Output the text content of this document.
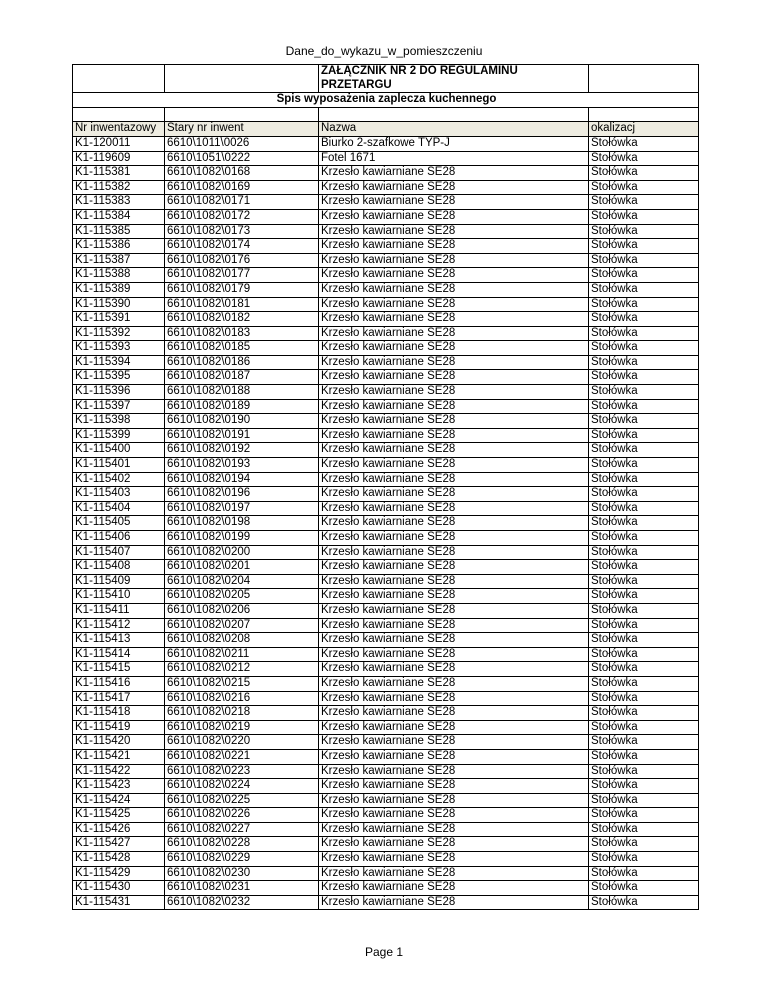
Dane_do_wykazu_w_pomieszczeniu
		ZAŁĄCZNIK NR 2 DO REGULAMINU PRZETARGU	
Spis wyposażenia zaplecza kuchennego			

Nr inwentazowy	Stary nr inwent	Nazwa	okalizacj
K1-120011	6610\1011\0026	Biurko 2-szafkowe TYP-J	Stołówka
K1-119609	6610\1051\0222	Fotel 1671	Stołówka
K1-115381	6610\1082\0168	Krzesło kawiarniane SE28	Stołówka
K1-115382	6610\1082\0169	Krzesło kawiarniane SE28	Stołówka
K1-115383	6610\1082\0171	Krzesło kawiarniane SE28	Stołówka
K1-115384	6610\1082\0172	Krzesło kawiarniane SE28	Stołówka
K1-115385	6610\1082\0173	Krzesło kawiarniane SE28	Stołówka
K1-115386	6610\1082\0174	Krzesło kawiarniane SE28	Stołówka
K1-115387	6610\1082\0176	Krzesło kawiarniane SE28	Stołówka
K1-115388	6610\1082\0177	Krzesło kawiarniane SE28	Stołówka
K1-115389	6610\1082\0179	Krzesło kawiarniane SE28	Stołówka
K1-115390	6610\1082\0181	Krzesło kawiarniane SE28	Stołówka
K1-115391	6610\1082\0182	Krzesło kawiarniane SE28	Stołówka
K1-115392	6610\1082\0183	Krzesło kawiarniane SE28	Stołówka
K1-115393	6610\1082\0185	Krzesło kawiarniane SE28	Stołówka
K1-115394	6610\1082\0186	Krzesło kawiarniane SE28	Stołówka
K1-115395	6610\1082\0187	Krzesło kawiarniane SE28	Stołówka
K1-115396	6610\1082\0188	Krzesło kawiarniane SE28	Stołówka
K1-115397	6610\1082\0189	Krzesło kawiarniane SE28	Stołówka
K1-115398	6610\1082\0190	Krzesło kawiarniane SE28	Stołówka
K1-115399	6610\1082\0191	Krzesło kawiarniane SE28	Stołówka
K1-115400	6610\1082\0192	Krzesło kawiarniane SE28	Stołówka
K1-115401	6610\1082\0193	Krzesło kawiarniane SE28	Stołówka
K1-115402	6610\1082\0194	Krzesło kawiarniane SE28	Stołówka
K1-115403	6610\1082\0196	Krzesło kawiarniane SE28	Stołówka
K1-115404	6610\1082\0197	Krzesło kawiarniane SE28	Stołówka
K1-115405	6610\1082\0198	Krzesło kawiarniane SE28	Stołówka
K1-115406	6610\1082\0199	Krzesło kawiarniane SE28	Stołówka
K1-115407	6610\1082\0200	Krzesło kawiarniane SE28	Stołówka
K1-115408	6610\1082\0201	Krzesło kawiarniane SE28	Stołówka
K1-115409	6610\1082\0204	Krzesło kawiarniane SE28	Stołówka
K1-115410	6610\1082\0205	Krzesło kawiarniane SE28	Stołówka
K1-115411	6610\1082\0206	Krzesło kawiarniane SE28	Stołówka
K1-115412	6610\1082\0207	Krzesło kawiarniane SE28	Stołówka
K1-115413	6610\1082\0208	Krzesło kawiarniane SE28	Stołówka
K1-115414	6610\1082\0211	Krzesło kawiarniane SE28	Stołówka
K1-115415	6610\1082\0212	Krzesło kawiarniane SE28	Stołówka
K1-115416	6610\1082\0215	Krzesło kawiarniane SE28	Stołówka
K1-115417	6610\1082\0216	Krzesło kawiarniane SE28	Stołówka
K1-115418	6610\1082\0218	Krzesło kawiarniane SE28	Stołówka
K1-115419	6610\1082\0219	Krzesło kawiarniane SE28	Stołówka
K1-115420	6610\1082\0220	Krzesło kawiarniane SE28	Stołówka
K1-115421	6610\1082\0221	Krzesło kawiarniane SE28	Stołówka
K1-115422	6610\1082\0223	Krzesło kawiarniane SE28	Stołówka
K1-115423	6610\1082\0224	Krzesło kawiarniane SE28	Stołówka
K1-115424	6610\1082\0225	Krzesło kawiarniane SE28	Stołówka
K1-115425	6610\1082\0226	Krzesło kawiarniane SE28	Stołówka
K1-115426	6610\1082\0227	Krzesło kawiarniane SE28	Stołówka
K1-115427	6610\1082\0228	Krzesło kawiarniane SE28	Stołówka
K1-115428	6610\1082\0229	Krzesło kawiarniane SE28	Stołówka
K1-115429	6610\1082\0230	Krzesło kawiarniane SE28	Stołówka
K1-115430	6610\1082\0231	Krzesło kawiarniane SE28	Stołówka
K1-115431	6610\1082\0232	Krzesło kawiarniane SE28	Stołówka
Page 1
